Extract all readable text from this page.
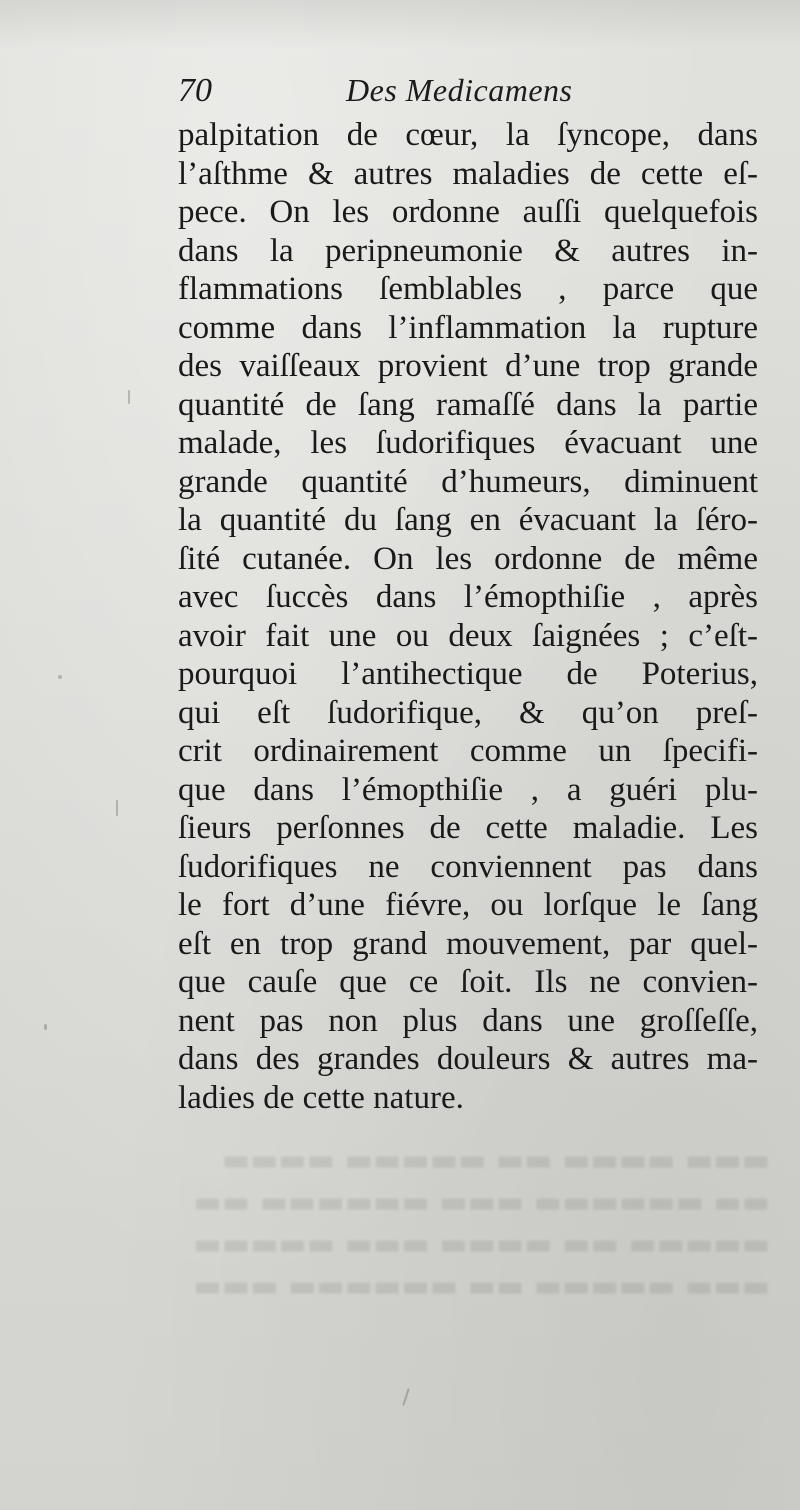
▬▬▬ ▬▬▬▬ ▬▬ ▬▬▬▬▬ ▬▬▬▬
▬▬ ▬▬▬▬▬▬ ▬▬▬ ▬▬▬▬▬▬ ▬▬
▬▬▬▬▬ ▬▬ ▬▬▬▬ ▬▬▬ ▬▬▬▬▬
▬▬▬ ▬▬▬▬▬ ▬▬ ▬▬▬▬▬▬ ▬▬▬
70	Des Medicamens
palpitation de cœur, la ſyncope, dans
l’aſthme & autres maladies de cette eſ-
pece. On les ordonne auſſi quelquefois
dans la peripneumonie & autres in-
flammations ſemblables , parce que
comme dans l’inflammation la rupture
des vaiſſeaux provient d’une trop grande
quantité de ſang ramaſſé dans la partie
malade, les ſudorifiques évacuant une
grande quantité d’humeurs, diminuent
la quantité du ſang en évacuant la ſéro-
ſité cutanée. On les ordonne de même
avec ſuccès dans l’émopthiſie , après
avoir fait une ou deux ſaignées ; c’eſt-
pourquoi l’antihectique de Poterius,
qui eſt ſudorifique, & qu’on preſ-
crit ordinairement comme un ſpecifi-
que dans l’émopthiſie , a guéri plu-
ſieurs perſonnes de cette maladie. Les
ſudorifiques ne conviennent pas dans
le fort d’une fiévre, ou lorſque le ſang
eſt en trop grand mouvement, par quel-
que cauſe que ce ſoit. Ils ne convien-
nent pas non plus dans une groſſeſſe,
dans des grandes douleurs & autres ma-
ladies de cette nature.
